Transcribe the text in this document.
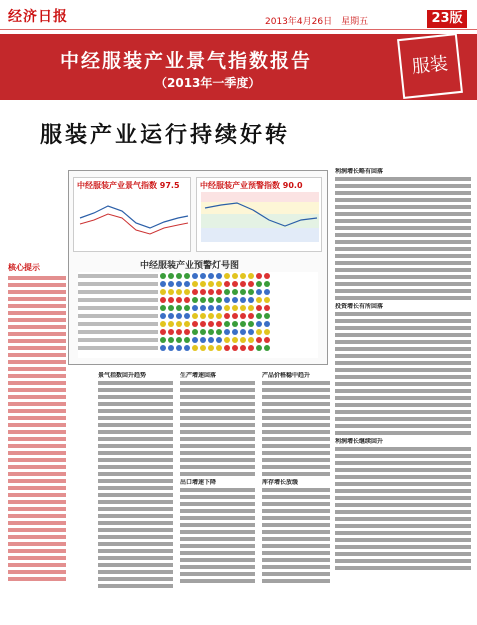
经济日报	2013年4月26日　星期五	23版
中经服装产业景气指数报告
（2013年一季度）
服装
服装产业运行持续好转
中经服装产业景气指数 97.5	中经服装产业预警指数 90.0
中经服装产业预警灯号图
核心提示
景气指数回升趋势	生产增速回落
出口增速下降
产品价格稳中趋升
库存增长放缓
利润增长略有回落
投资增长有所回落
利润增长继续回升
